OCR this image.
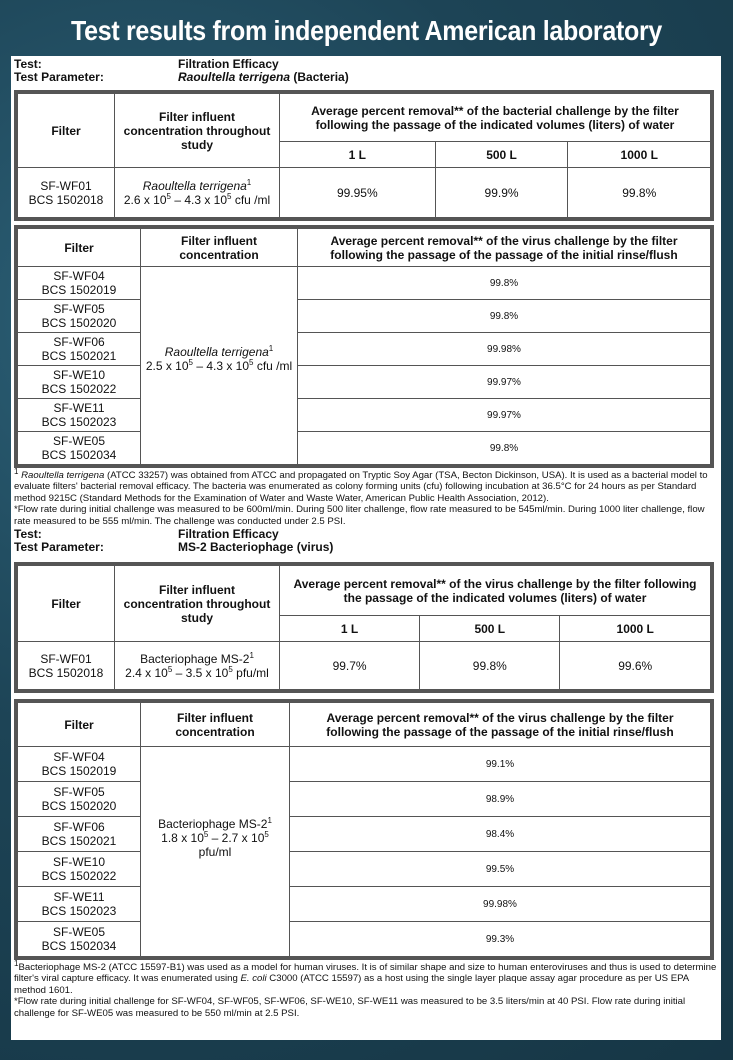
Test results from independent American laboratory
Test:	Filtration Efficacy
Test Parameter:	Raoultella terrigena (Bacteria)
Filter	Filter influent concentration throughout study	Average percent removal** of the bacterial challenge by the filter following the passage of the indicated volumes (liters) of water		
		1 L	500 L	1000 L
SF-WF01
BCS 1502018	Raoultella terrigena$^1$
2.6 x $10^5 - 4.3$ x $10^5$ cfu /ml	99.95%	99.9%	99.8%
Filter	Filter influent concentration	Average percent removal** of the virus challenge by the filter following the passage of the passage of the initial rinse/flush
SF-WF04
BCS 1502019	Raoultella terrigena$^1$
2.5 x $10^5 - 4.3$ x $10^5$ cfu /ml	99.8%
SF-WF05
BCS 1502020		99.8%
SF-WF06
BCS 1502021		99.98%
SF-WE10
BCS 1502022		99.97%
SF-WE11
BCS 1502023		99.97%
SF-WE05
BCS 1502034		99.8%
$^1$ Raoultella terrigena (ATCC 33257) was obtained from ATCC and propagated on Tryptic Soy Agar (TSA, Becton Dickinson, USA). It is used as a bacterial model to evaluate filters' bacterial removal efficacy. The bacteria was enumerated as colony forming units (cfu) following incubation at 36.5°C for 24 hours as per Standard method 9215C (Standard Methods for the Examination of Water and Waste Water, American Public Health Association, 2012).
*Flow rate during initial challenge was measured to be 600ml/min. During 500 liter challenge, flow rate measured to be 545ml/min. During 1000 liter challenge, flow rate measured to be 555 ml/min. The challenge was conducted under 2.5 PSI.
Test:	Filtration Efficacy
Test Parameter:	MS-2 Bacteriophage (virus)
Filter	Filter influent concentration throughout study	Average percent removal** of the virus challenge by the filter following the passage of the indicated volumes (liters) of water		
		1 L	500 L	1000 L
SF-WF01
BCS 1502018	Bacteriophage $MS-2^1$
2.4 x $10^5 - 3.5$ x $10^5$ pfu/ml	99.7%	99.8%	99.6%
Filter	Filter influent concentration	Average percent removal** of the virus challenge by the filter following the passage of the passage of the initial rinse/flush
SF-WF04
BCS 1502019	Bacteriophage $MS-2^1$
1.8 x $10^5 - 2.7$ x $10^5$
pfu/ml	99.1%
SF-WF05
BCS 1502020		98.9%
SF-WF06
BCS 1502021		98.4%
SF-WE10
BCS 1502022		99.5%
SF-WE11
BCS 1502023		99.98%
SF-WE05
BCS 1502034		99.3%
$^1$Bacteriophage MS-2 (ATCC 15597-B1) was used as a model for human viruses. It is of similar shape and size to human enteroviruses and thus is used to determine filter's viral capture efficacy. It was enumerated using E. coli C3000 (ATCC 15597) as a host using the single layer plaque assay agar procedure as per US EPA method 1601.
*Flow rate during initial challenge for SF-WF04, SF-WF05, SF-WF06, SF-WE10, SF-WE11 was measured to be 3.5 liters/min at 40 PSI. Flow rate during initial challenge for SF-WE05 was measured to be 550 ml/min at 2.5 PSI.
